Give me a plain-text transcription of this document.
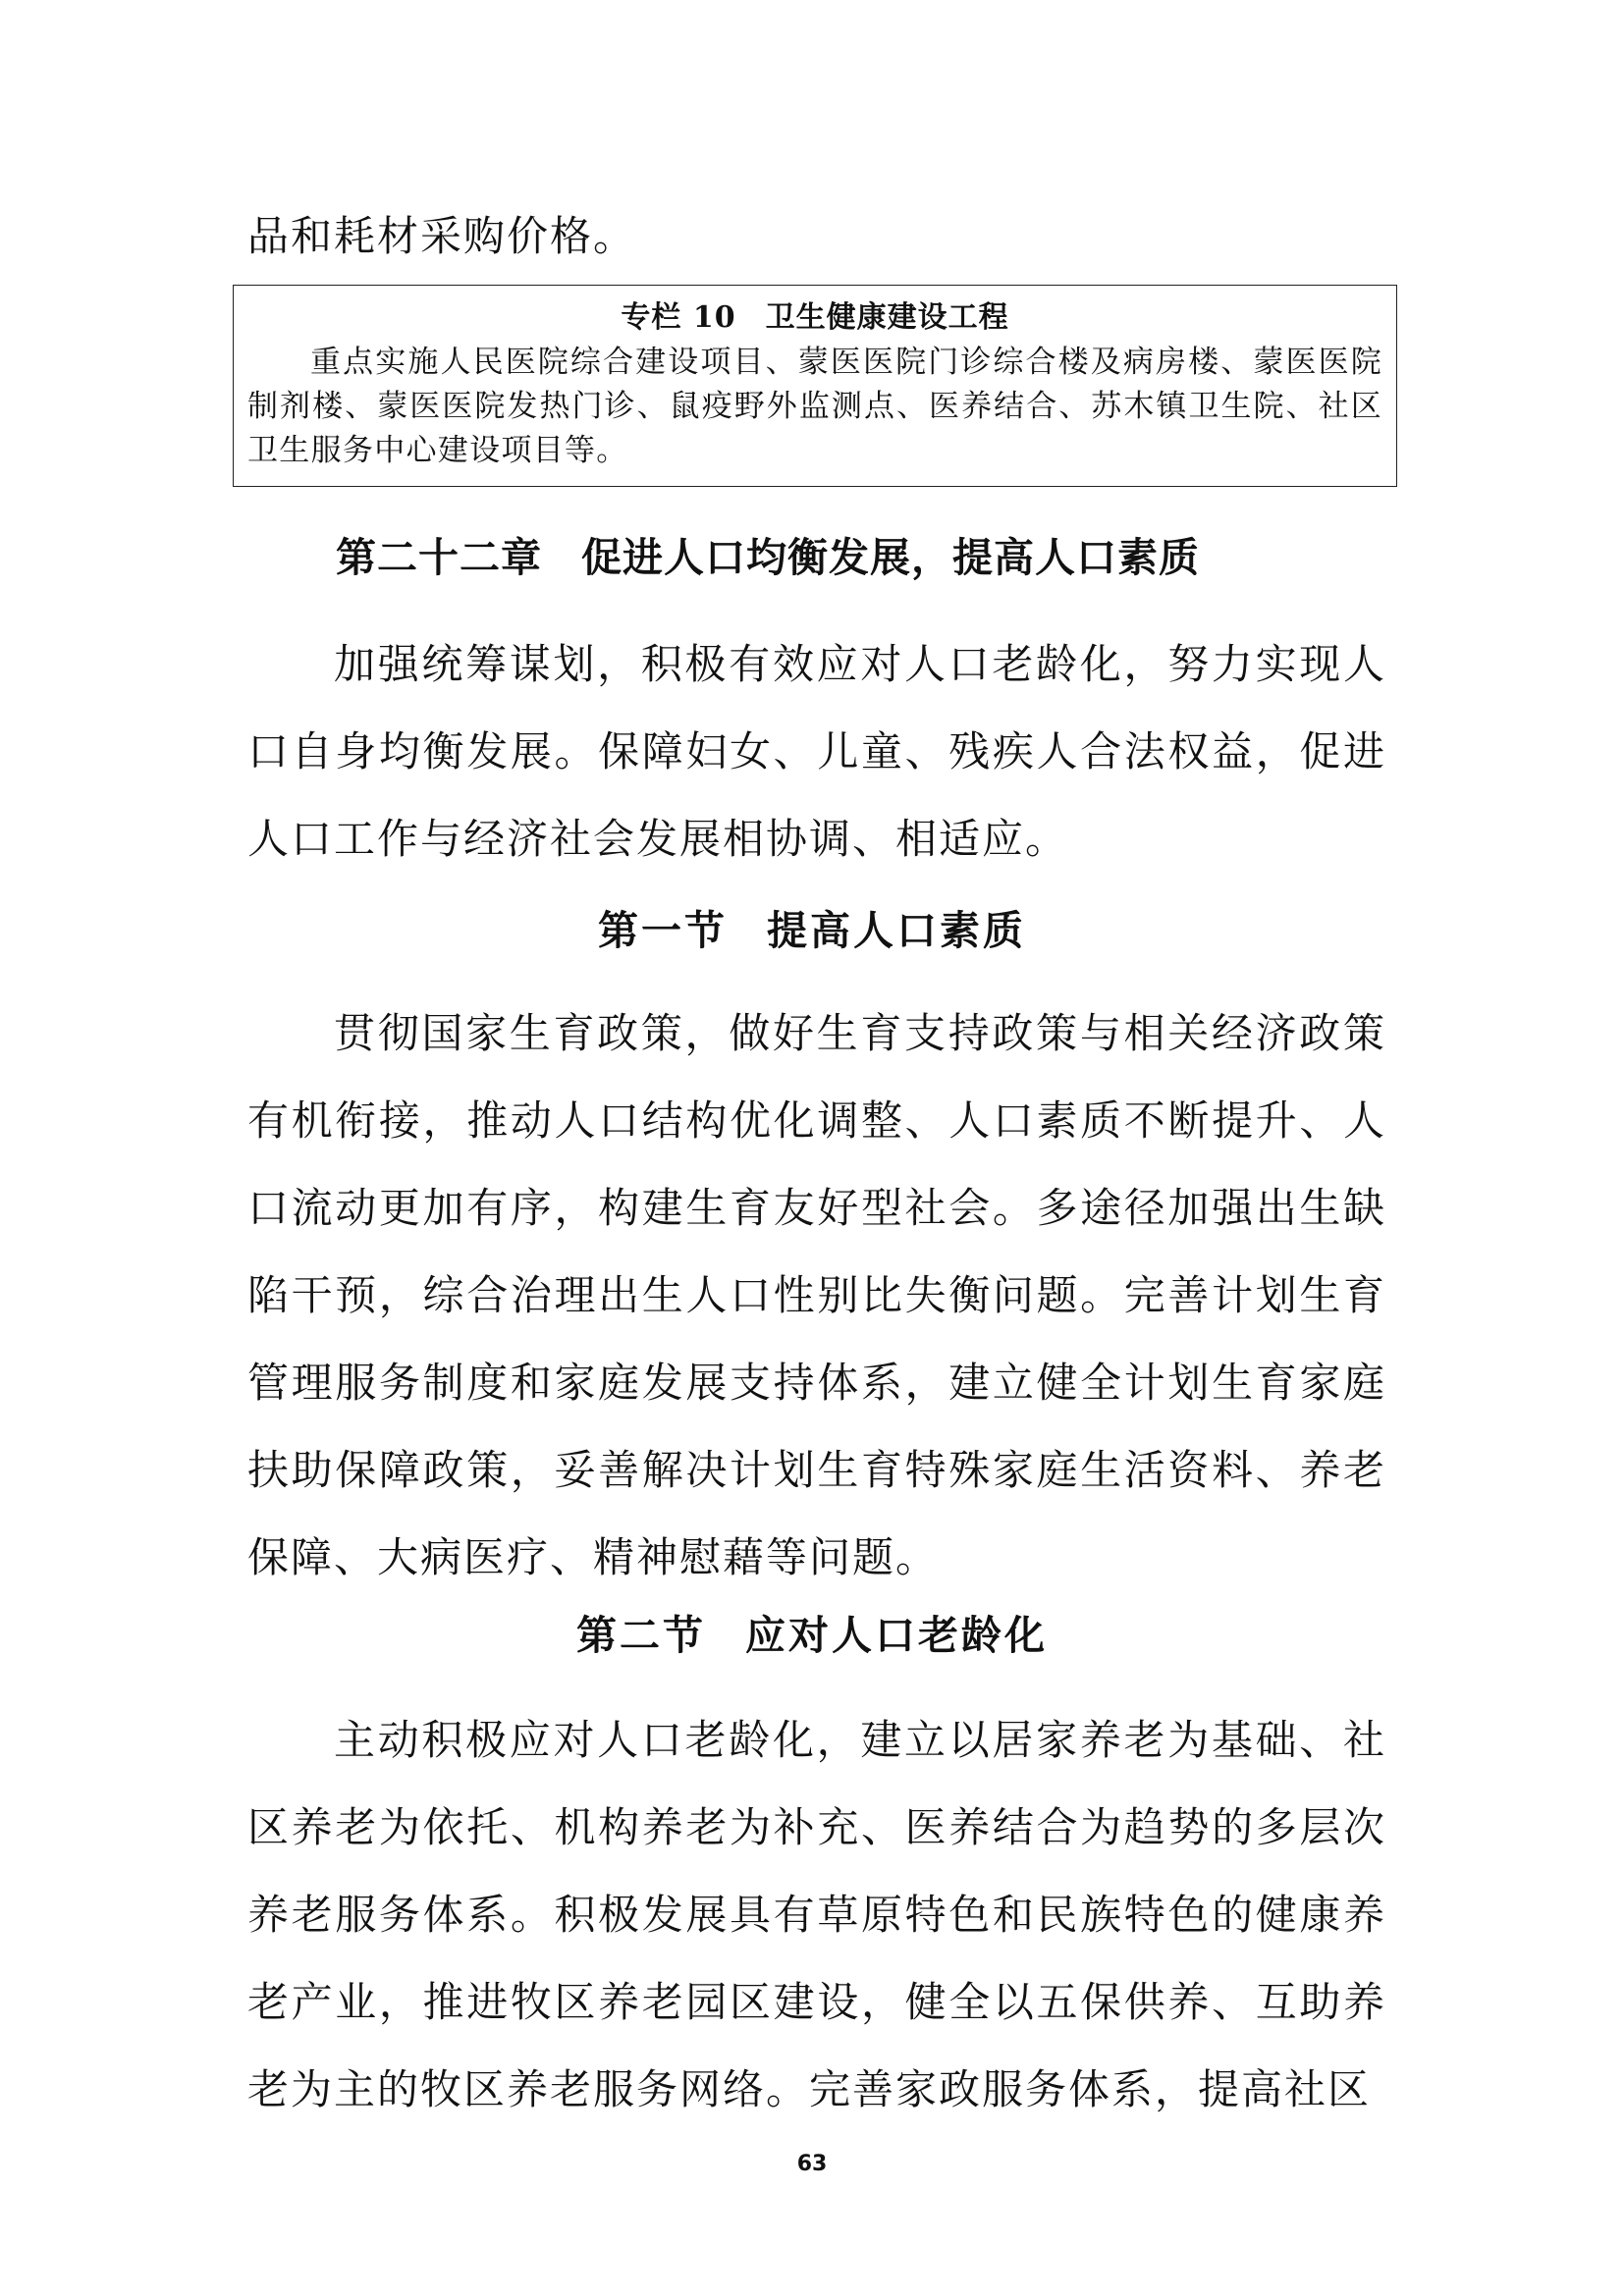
品和耗材采购价格。

专栏 10 卫生健康建设工程

重点实施人民医院综合建设项目、蒙医医院门诊综合楼及病房楼、蒙医医院制剂楼、蒙医医院发热门诊、鼠疫野外监测点、医养结合、苏木镇卫生院、社区卫生服务中心建设项目等。

第二十二章 促进人口均衡发展，提高人口素质

加强统筹谋划，积极有效应对人口老龄化，努力实现人口自身均衡发展。保障妇女、儿童、残疾人合法权益，促进人口工作与经济社会发展相协调、相适应。

第一节 提高人口素质

贯彻国家生育政策，做好生育支持政策与相关经济政策有机衔接，推动人口结构优化调整、人口素质不断提升、人口流动更加有序，构建生育友好型社会。多途径加强出生缺陷干预，综合治理出生人口性别比失衡问题。完善计划生育管理服务制度和家庭发展支持体系，建立健全计划生育家庭扶助保障政策，妥善解决计划生育特殊家庭生活资料、养老保障、大病医疗、精神慰藉等问题。

第二节 应对人口老龄化

主动积极应对人口老龄化，建立以居家养老为基础、社区养老为依托、机构养老为补充、医养结合为趋势的多层次养老服务体系。积极发展具有草原特色和民族特色的健康养老产业，推进牧区养老园区建设，健全以五保供养、互助养老为主的牧区养老服务网络。完善家政服务体系，提高社区

63
